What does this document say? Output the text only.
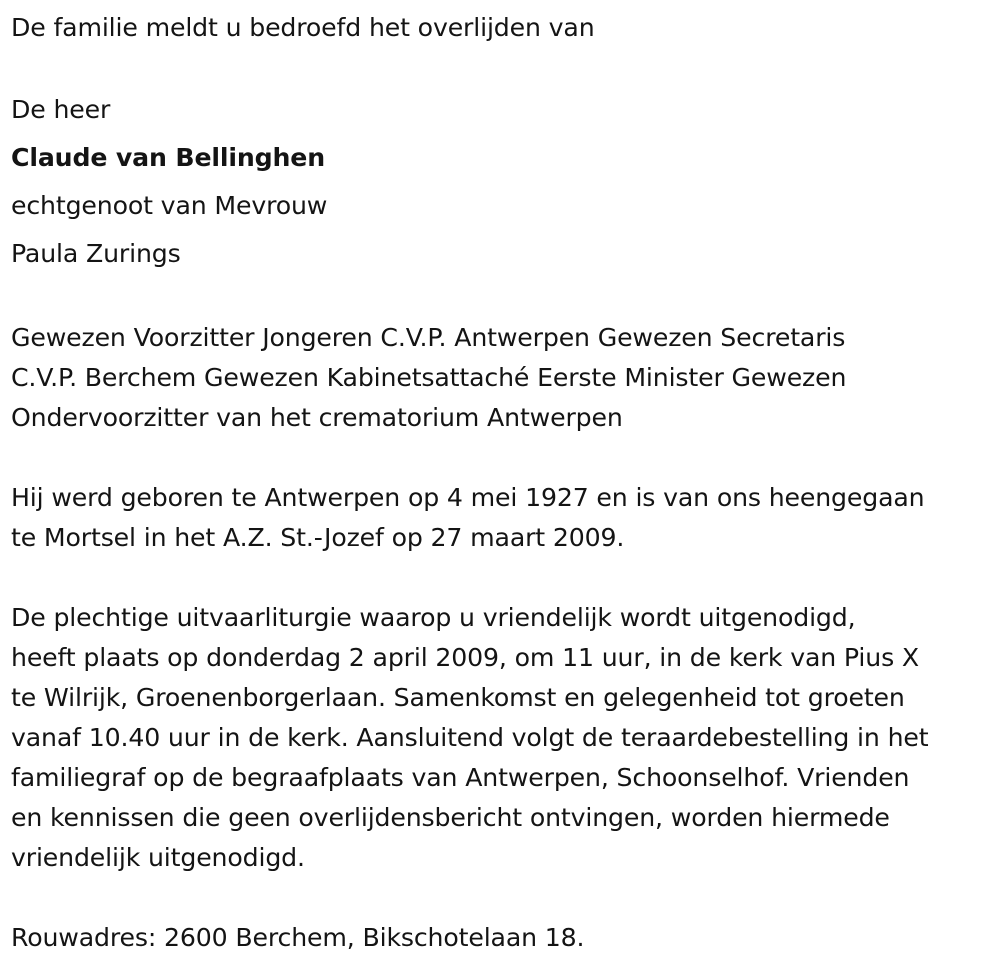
De familie meldt u bedroefd het overlijden van

De heer

Claude van Bellinghen

echtgenoot van Mevrouw

Paula Zurings

Gewezen Voorzitter Jongeren C.V.P. Antwerpen Gewezen Secretaris

C.V.P. Berchem Gewezen Kabinetsattaché Eerste Minister Gewezen

Ondervoorzitter van het crematorium Antwerpen

Hij werd geboren te Antwerpen op 4 mei 1927 en is van ons heengegaan

te Mortsel in het A.Z. St.-Jozef op 27 maart 2009.

De plechtige uitvaarliturgie waarop u vriendelijk wordt uitgenodigd,

heeft plaats op donderdag 2 april 2009, om 11 uur, in de kerk van Pius X

te Wilrijk, Groenenborgerlaan. Samenkomst en gelegenheid tot groeten

vanaf 10.40 uur in de kerk. Aansluitend volgt de teraardebestelling in het

familiegraf op de begraafplaats van Antwerpen, Schoonselhof. Vrienden

en kennissen die geen overlijdensbericht ontvingen, worden hiermede

vriendelijk uitgenodigd.

Rouwadres: 2600 Berchem, Bikschotelaan 18.
